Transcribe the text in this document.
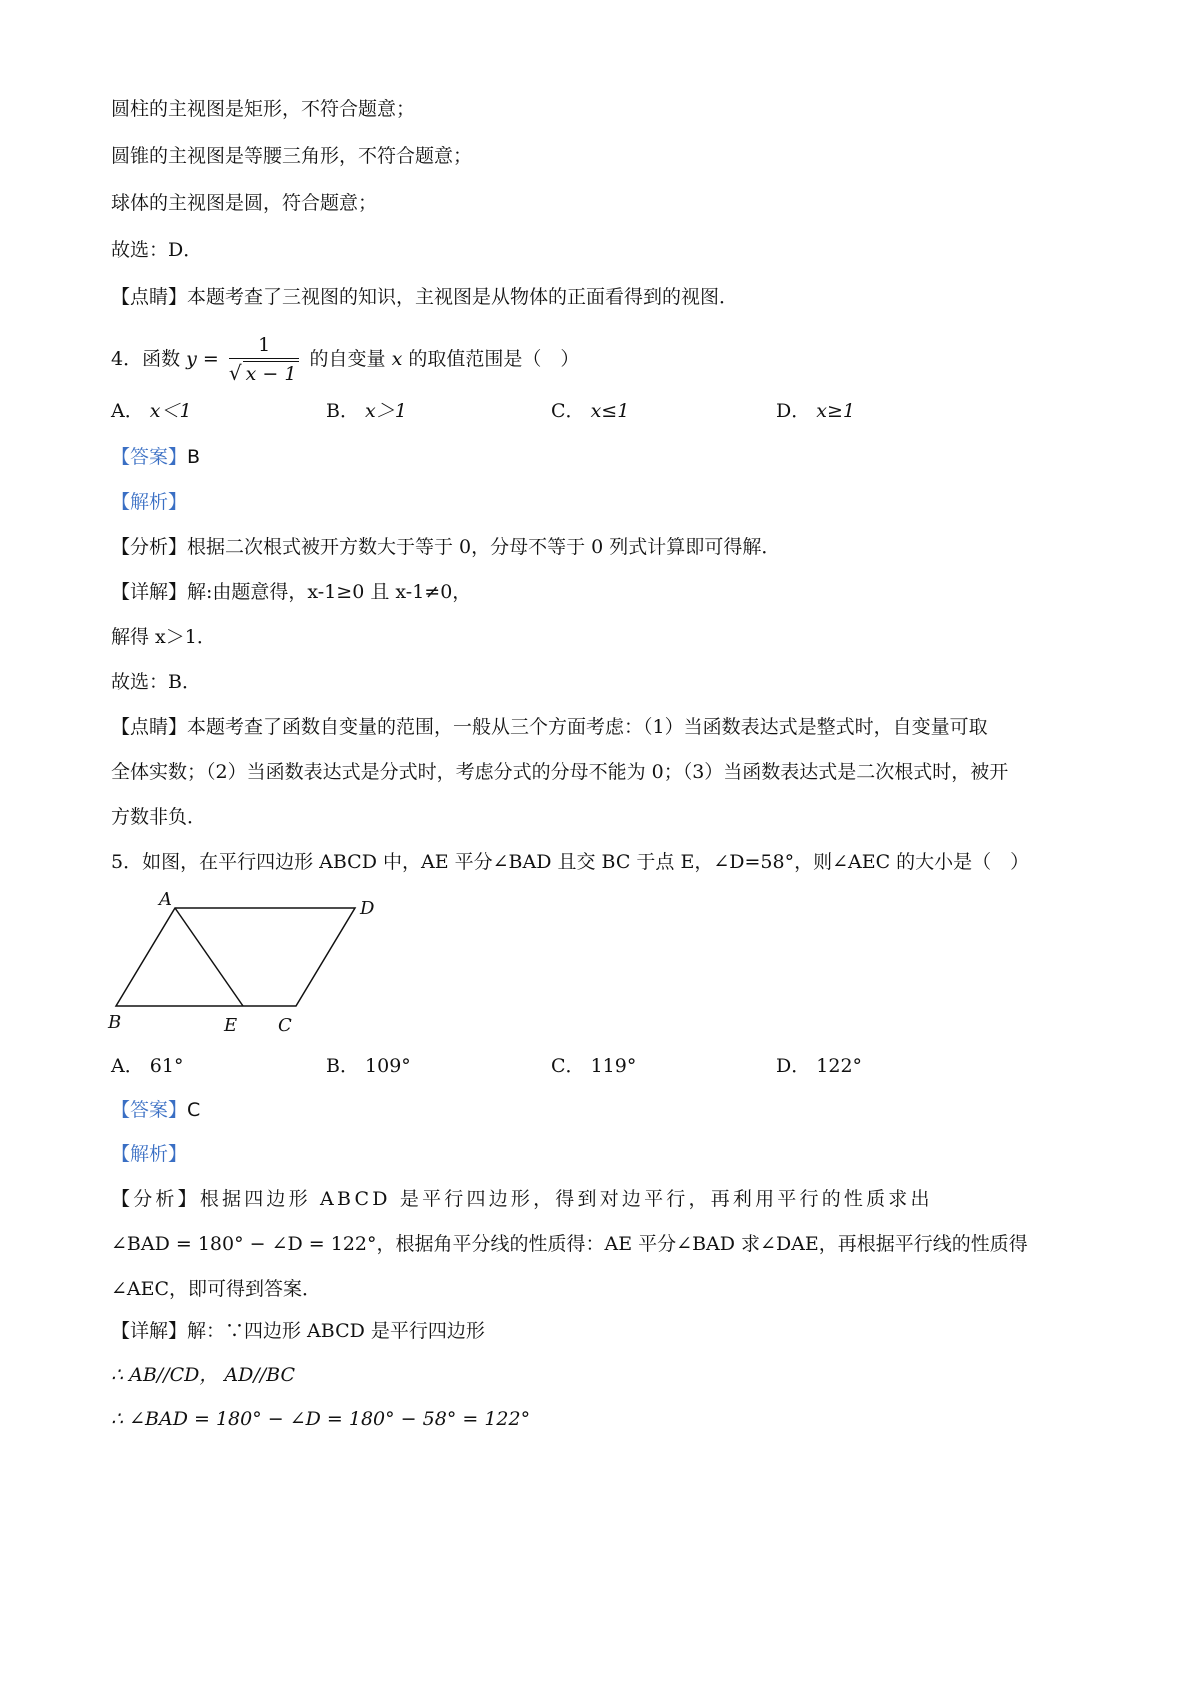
圆柱的主视图是矩形，不符合题意；
圆锥的主视图是等腰三角形，不符合题意；
球体的主视图是圆，符合题意；
故选：D．
【点睛】本题考查了三视图的知识，主视图是从物体的正面看得到的视图．
4．函数 $y = \frac{1}{√ x - 1}$ 的自变量 x 的取值范围是（　）
A． x＜1	B． x＞1	C． x≤1	D． x≥1
【答案】B
【解析】
【分析】根据二次根式被开方数大于等于 0，分母不等于 0 列式计算即可得解．
【详解】解:由题意得，x-1≥0 且 x-1≠0，
解得 x＞1．
故选：B．
【点睛】本题考查了函数自变量的范围，一般从三个方面考虑：（1）当函数表达式是整式时，自变量可取
全体实数；（2）当函数表达式是分式时，考虑分式的分母不能为 0；（3）当函数表达式是二次根式时，被开
方数非负．
5．如图，在平行四边形 ABCD 中，AE 平分∠BAD 且交 BC 于点 E，∠D=58°，则∠AEC 的大小是（　）
A	D
B	E C
A． 61°	B． 109°	C． 119°	D． 122°
【答案】C
【解析】
【分析】根据四边形 ABCD 是平行四边形，得到对边平行，再利用平行的性质求出
∠BAD = 180° − ∠D = 122°，根据角平分线的性质得：AE 平分∠BAD 求∠DAE，再根据平行线的性质得
∠AEC，即可得到答案．
【详解】解：∵四边形 ABCD 是平行四边形
∴ AB//CD， AD//BC
∴ ∠BAD = 180° − ∠D = 180° − 58° = 122°
